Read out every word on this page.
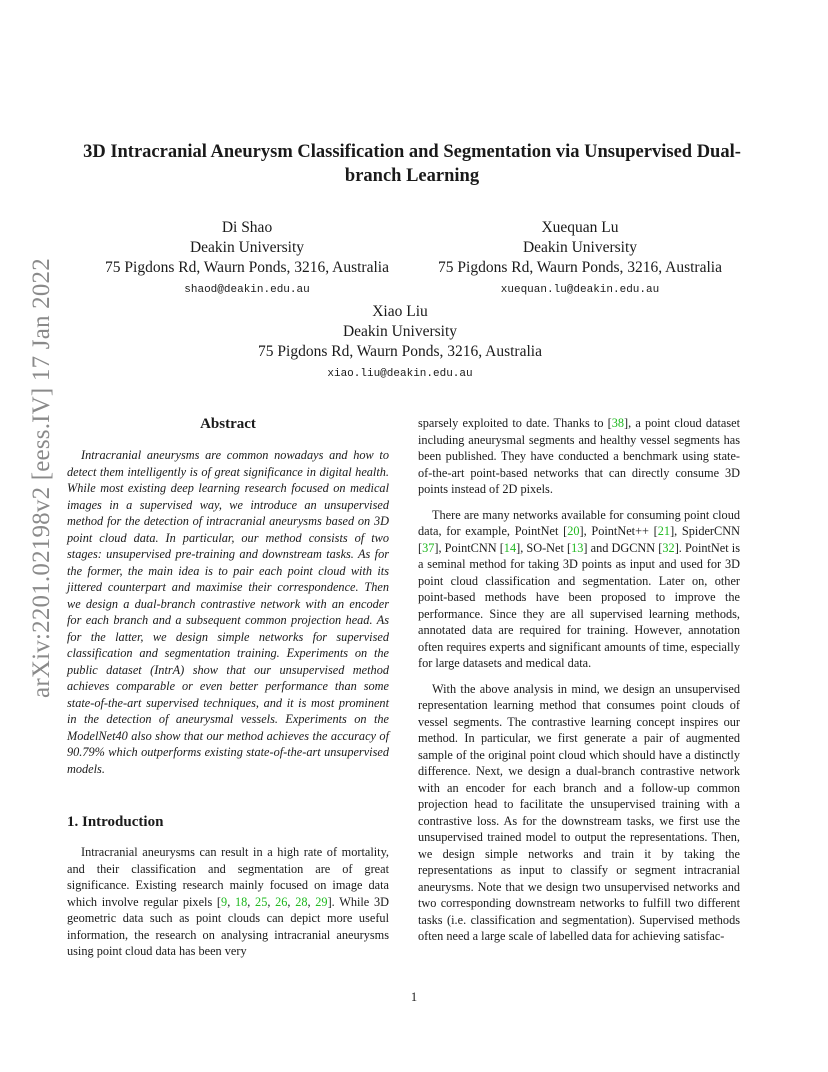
arXiv:2201.02198v2 [eess.IV] 17 Jan 2022
3D Intracranial Aneurysm Classification and Segmentation via Unsupervised Dual-branch Learning
Di Shao
Deakin University
75 Pigdons Rd, Waurn Ponds, 3216, Australia
shaod@deakin.edu.au
Xuequan Lu
Deakin University
75 Pigdons Rd, Waurn Ponds, 3216, Australia
xuequan.lu@deakin.edu.au
Xiao Liu
Deakin University
75 Pigdons Rd, Waurn Ponds, 3216, Australia
xiao.liu@deakin.edu.au
Abstract

Intracranial aneurysms are common nowadays and how to detect them intelligently is of great significance in digital health. While most existing deep learning research focused on medical images in a supervised way, we introduce an unsupervised method for the detection of intracranial aneurysms based on 3D point cloud data. In particular, our method consists of two stages: unsupervised pre-training and downstream tasks. As for the former, the main idea is to pair each point cloud with its jittered counterpart and maximise their correspondence. Then we design a dual-branch contrastive network with an encoder for each branch and a subsequent common projection head. As for the latter, we design simple networks for supervised classification and segmentation training. Experiments on the public dataset (IntrA) show that our unsupervised method achieves comparable or even better performance than some state-of-the-art supervised techniques, and it is most prominent in the detection of aneurysmal vessels. Experiments on the ModelNet40 also show that our method achieves the accuracy of 90.79% which outperforms existing state-of-the-art unsupervised models.

1. Introduction

Intracranial aneurysms can result in a high rate of mortality, and their classification and segmentation are of great significance. Existing research mainly focused on image data which involve regular pixels [9, 18, 25, 26, 28, 29]. While 3D geometric data such as point clouds can depict more useful information, the research on analysing intracranial aneurysms using point cloud data has been very

sparsely exploited to date. Thanks to [38], a point cloud dataset including aneurysmal segments and healthy vessel segments has been published. They have conducted a benchmark using state-of-the-art point-based networks that can directly consume 3D points instead of 2D pixels.

There are many networks available for consuming point cloud data, for example, PointNet [20], PointNet++ [21], SpiderCNN [37], PointCNN [14], SO-Net [13] and DGCNN [32]. PointNet is a seminal method for taking 3D points as input and used for 3D point cloud classification and segmentation. Later on, other point-based methods have been proposed to improve the performance. Since they are all supervised learning methods, annotated data are required for training. However, annotation often requires experts and significant amounts of time, especially for large datasets and medical data.

With the above analysis in mind, we design an unsupervised representation learning method that consumes point clouds of vessel segments. The contrastive learning concept inspires our method. In particular, we first generate a pair of augmented sample of the original point cloud which should have a distinctly difference. Next, we design a dual-branch contrastive network with an encoder for each branch and a follow-up common projection head to facilitate the unsupervised training with a contrastive loss. As for the downstream tasks, we first use the unsupervised trained model to output the representations. Then, we design simple networks and train it by taking the representations as input to classify or segment intracranial aneurysms. Note that we design two unsupervised networks and two corresponding downstream networks to fulfill two different tasks (i.e. classification and segmentation). Supervised methods often need a large scale of labelled data for achieving satisfac-

1
